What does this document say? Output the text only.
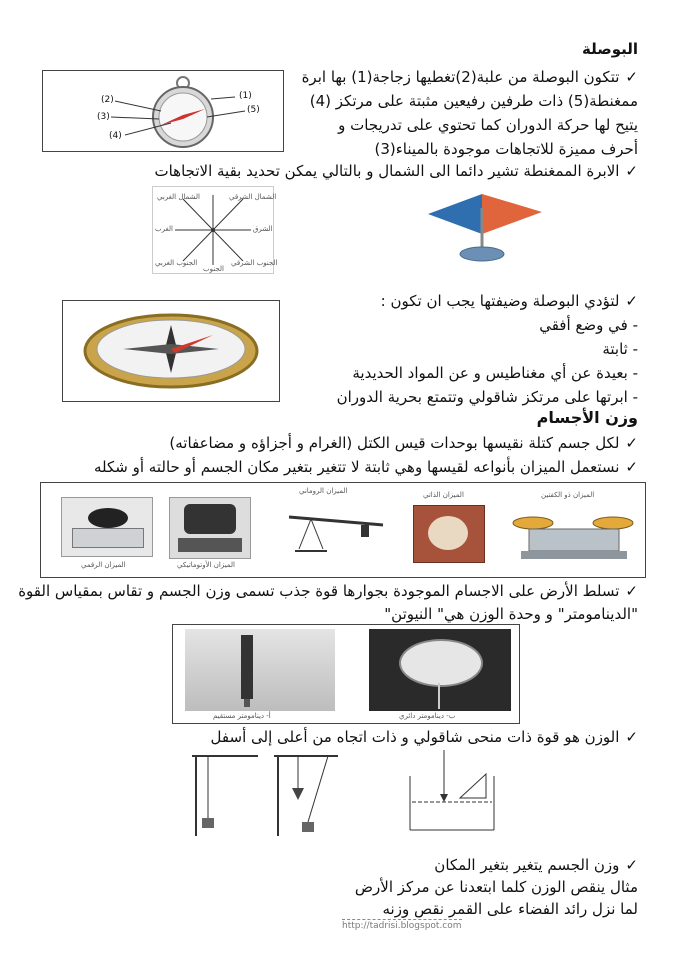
البوصلة
✓ تتكون البوصلة من علبة(2)تغطيها زجاجة(1) بها ابرة
ممغنطة(5) ذات طرفين رفيعين مثبتة على مرتكز (4)
يتيح لها حركة الدوران كما تحتوي على تدريجات و
أحرف مميزة للاتجاهات موجودة بالميناء(3)
(1)
(2)
(3)
(4)
(5)
✓ الابرة الممغنطة تشير دائما الى الشمال و بالتالي يمكن تحديد بقية الاتجاهات
الشمال الغربي	الشمال الشرقي
الغرب	الشرق
الجنوب الغربي	الجنوب الشرقي
الجنوب
✓ لتؤدي البوصلة وضيفتها يجب ان تكون :
- في وضع أفقي
- ثابتة
- بعيدة عن أي مغناطيس و عن المواد الحديدية
- ابرتها على مرتكز شاقولي وتتمتع بحرية الدوران
وزن الأجسام
✓ لكل جسم كتلة نقيسها بوحدات قيس الكتل (الغرام و أجزاؤه و مضاعفاته)
✓ نستعمل الميزان بأنواعه لقيسها وهي ثابتة لا تتغير بتغير مكان الجسم أو حالته أو شكله
الميزان الرقمي	الميزان الأوتوماتيكي
الميزان الروماني	الميزان الذاتي	الميزان ذو الكفتين
✓ تسلط الأرض على الاجسام الموجودة بجوارها قوة جذب تسمى وزن الجسم و تقاس بمقياس القوة
"الدينامومتر" و وحدة الوزن هي" النيوتن"
أ- دينامومتر مستقيم	ب- دينامومتر دائري
✓ الوزن هو قوة ذات منحى شاقولي و ذات اتجاه من أعلى إلى أسفل
✓ وزن الجسم يتغير بتغير المكان
مثال ينقص الوزن كلما ابتعدنا عن مركز الأرض
لما نزل رائد الفضاء على القمر نقص وزنه
http://tadrisi.blogspot.com
